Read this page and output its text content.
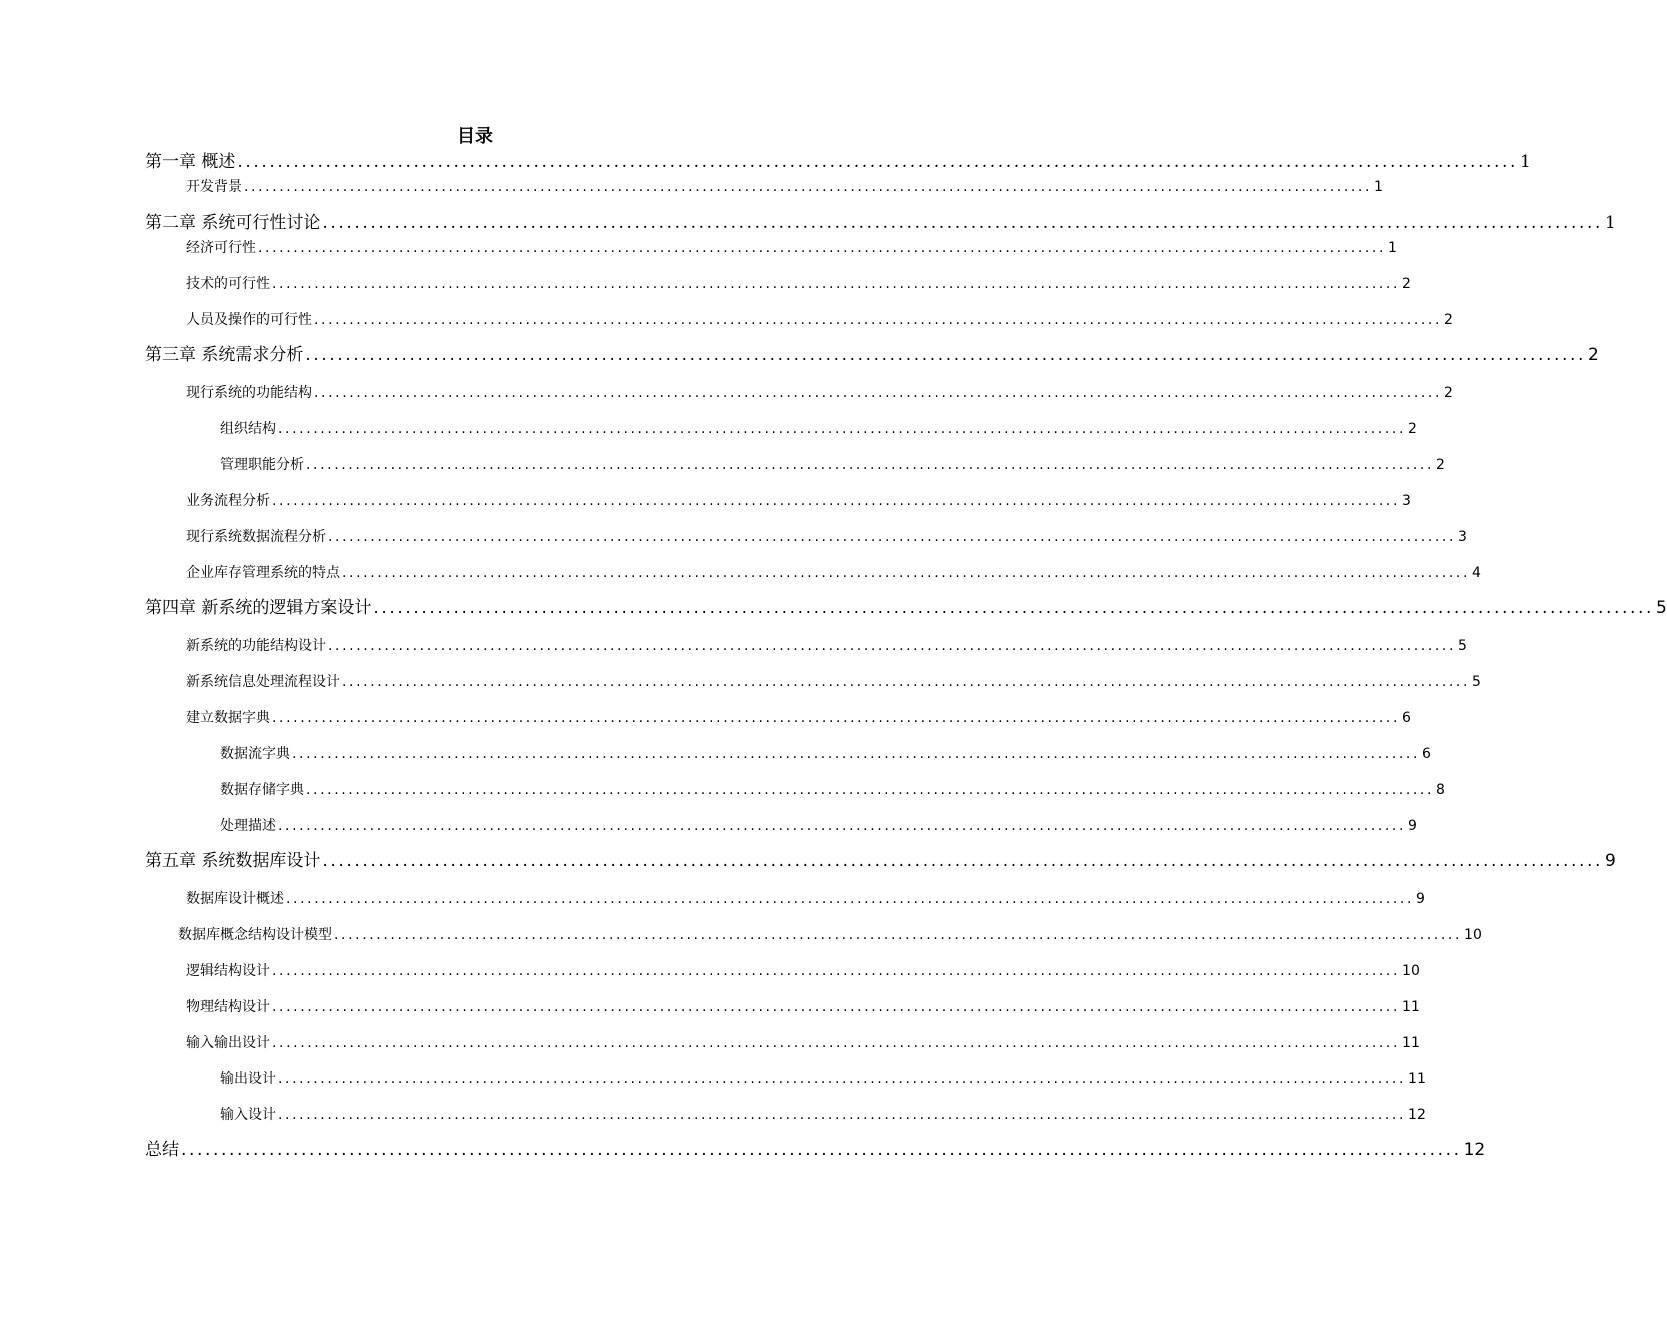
目录
第一章 概述 ................................................................................................................................................................ 1
开发背景 ................................................................................................................................................................ 1
第二章 系统可行性讨论 ................................................................................................................................................................ 1
经济可行性 ................................................................................................................................................................ 1
技术的可行性 ................................................................................................................................................................ 2
人员及操作的可行性 ................................................................................................................................................................ 2
第三章 系统需求分析 ................................................................................................................................................................ 2
现行系统的功能结构 ................................................................................................................................................................ 2
组织结构 ................................................................................................................................................................ 2
管理职能分析 ................................................................................................................................................................ 2
业务流程分析 ................................................................................................................................................................ 3
现行系统数据流程分析 ................................................................................................................................................................ 3
企业库存管理系统的特点 ................................................................................................................................................................ 4
第四章 新系统的逻辑方案设计 ................................................................................................................................................................ 5
新系统的功能结构设计 ................................................................................................................................................................ 5
新系统信息处理流程设计 ................................................................................................................................................................ 5
建立数据字典 ................................................................................................................................................................ 6
数据流字典 ................................................................................................................................................................ 6
数据存储字典 ................................................................................................................................................................ 8
处理描述 ................................................................................................................................................................ 9
第五章 系统数据库设计 ................................................................................................................................................................ 9
数据库设计概述 ................................................................................................................................................................ 9
数据库概念结构设计模型 ................................................................................................................................................................ 10
逻辑结构设计 ................................................................................................................................................................ 10
物理结构设计 ................................................................................................................................................................ 11
输入输出设计 ................................................................................................................................................................ 11
输出设计 ................................................................................................................................................................ 11
输入设计 ................................................................................................................................................................ 12
总结 ................................................................................................................................................................ 12
